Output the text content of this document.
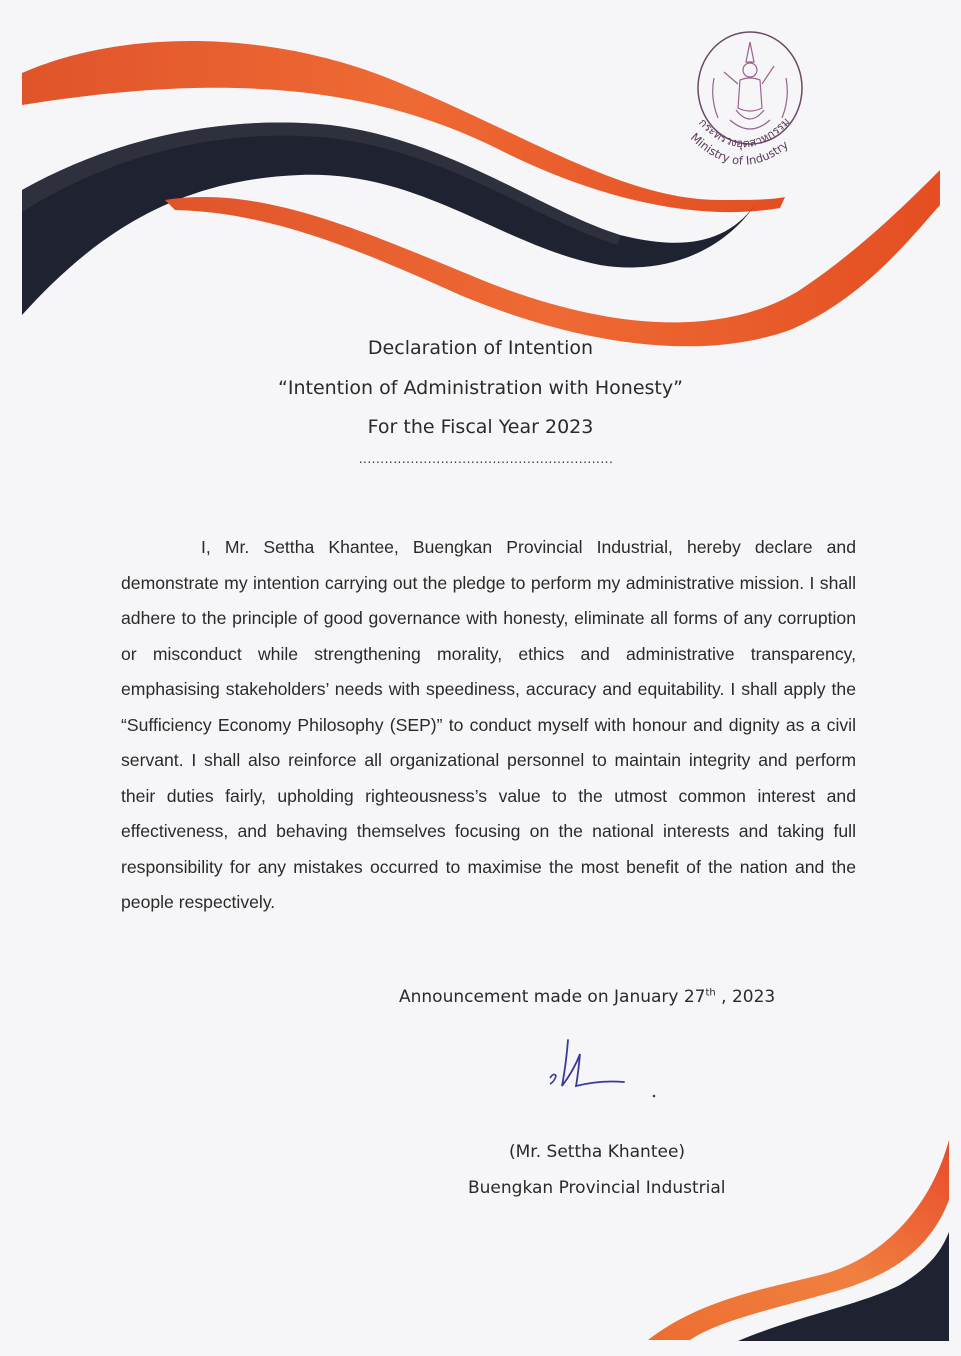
กระทรวงอุตสาหกรรม
Ministry of Industry
Declaration of Intention
“Intention of Administration with Honesty”
For the Fiscal Year 2023
...........................................................
I, Mr. Settha Khantee, Buengkan Provincial Industrial, hereby declare and demonstrate my intention carrying out the pledge to perform my administrative mission. I shall adhere to the principle of good governance with honesty, eliminate all forms of any corruption or misconduct while strengthening morality, ethics and administrative transparency, emphasising stakeholders’ needs with speediness, accuracy and equitability. I shall apply the “Sufficiency Economy Philosophy (SEP)” to conduct myself with honour and dignity as a civil servant. I shall also reinforce all organizational personnel to maintain integrity and perform their duties fairly, upholding righteousness’s value to the utmost common interest and effectiveness, and behaving themselves focusing on the national interests and taking full responsibility for any mistakes occurred to maximise the most benefit of the nation and the people respectively.
Announcement made on January 27th , 2023
(Mr. Settha Khantee)
Buengkan Provincial Industrial
